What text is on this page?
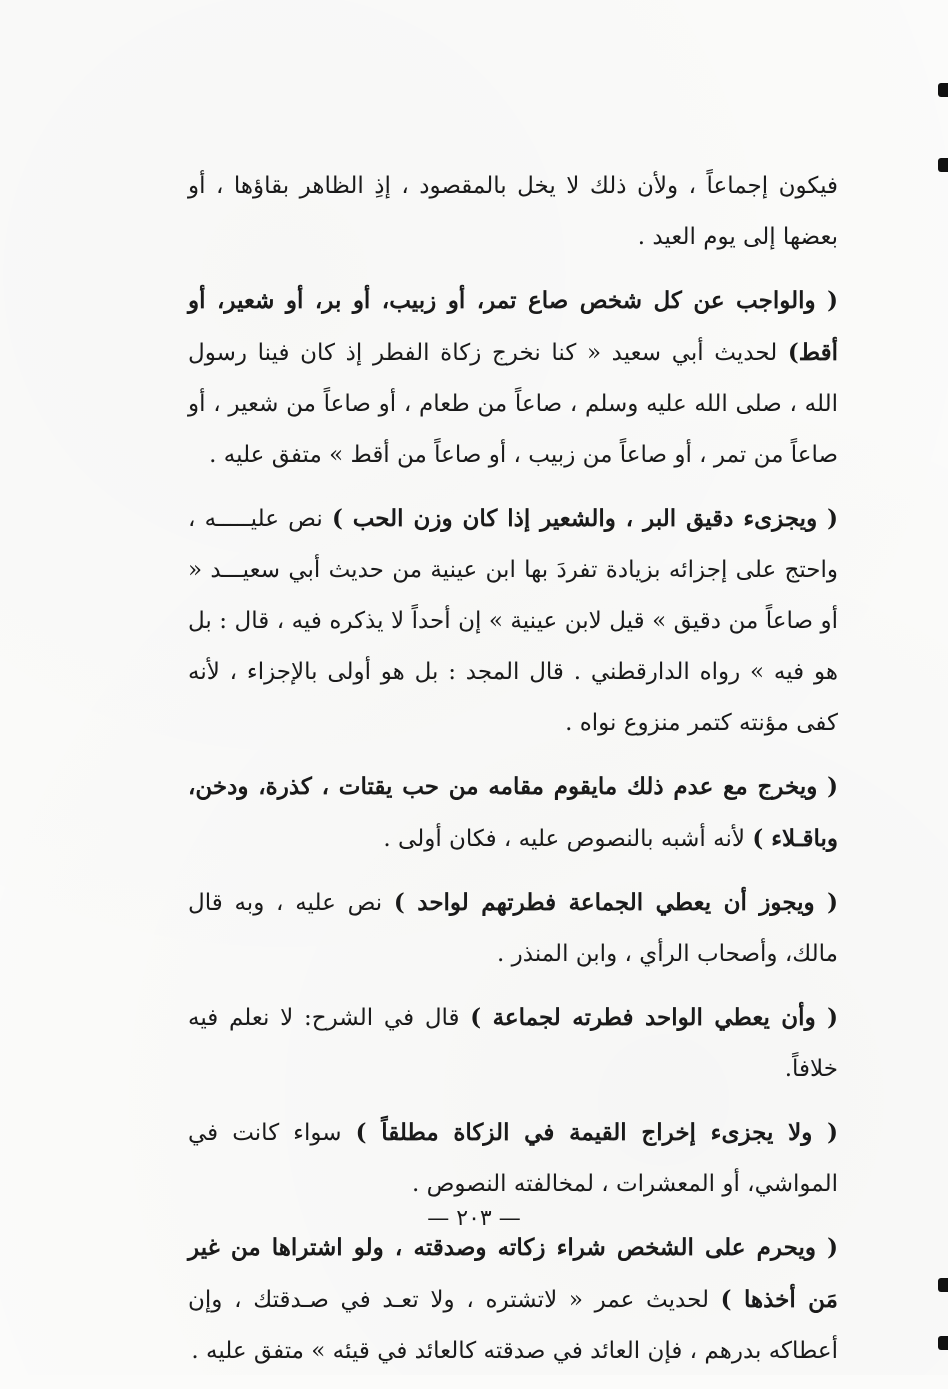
فيكون إجماعاً ، ولأن ذلك لا يخل بالمقصود ، إذِ الظاهر بقاؤها ، أو بعضها إلى يوم العيد .

( والواجب عن كل شخص صاع تمر، أو زبيب، أو بر، أو شعير، أو أقط) لحديث أبي سعيد « كنا نخرج زكاة الفطر إذ كان فينا رسول الله ، صلى الله عليه وسلم ، صاعاً من طعام ، أو صاعاً من شعير ، أو صاعاً من تمر ، أو صاعاً من زبيب ، أو صاعاً من أقط » متفق عليه .

( ويجزىء دقيق البر ، والشعير إذا كان وزن الحب ) نص عليـــــه ، واحتج على إجزائه بزيادة تفردَ بها ابن عينية من حديث أبي سعيـــد « أو صاعاً من دقيق » قيل لابن عينية » إن أحداً لا يذكره فيه ، قال : بل هو فيه » رواه الدارقطني . قال المجد : بل هو أولى بالإجزاء ، لأنه كفى مؤنته كتمر منزوع نواه .

( ويخرج مع عدم ذلك مايقوم مقامه من حب يقتات ، كذرة، ودخن، وباقـلاء ) لأنه أشبه بالنصوص عليه ، فكان أولى .

( ويجوز أن يعطي الجماعة فطرتهم لواحد ) نص عليه ، وبه قال مالك، وأصحاب الرأي ، وابن المنذر .

( وأن يعطي الواحد فطرته لجماعة ) قال في الشرح: لا نعلم فيه خلافاً.

( ولا يجزىء إخراج القيمة في الزكاة مطلقاً ) سواء كانت في المواشي، أو المعشرات ، لمخالفته النصوص .

( ويحرم على الشخص شراء زكاته وصدقته ، ولو اشتراها من غير مَن أخذها ) لحديث عمر « لاتشتره ، ولا تعـد في صـدقتك ، وإن أعطاكه بدرهم ، فإن العائد في صدقته كالعائد في قيئه » متفق عليه .

— ٢٠٣ —
